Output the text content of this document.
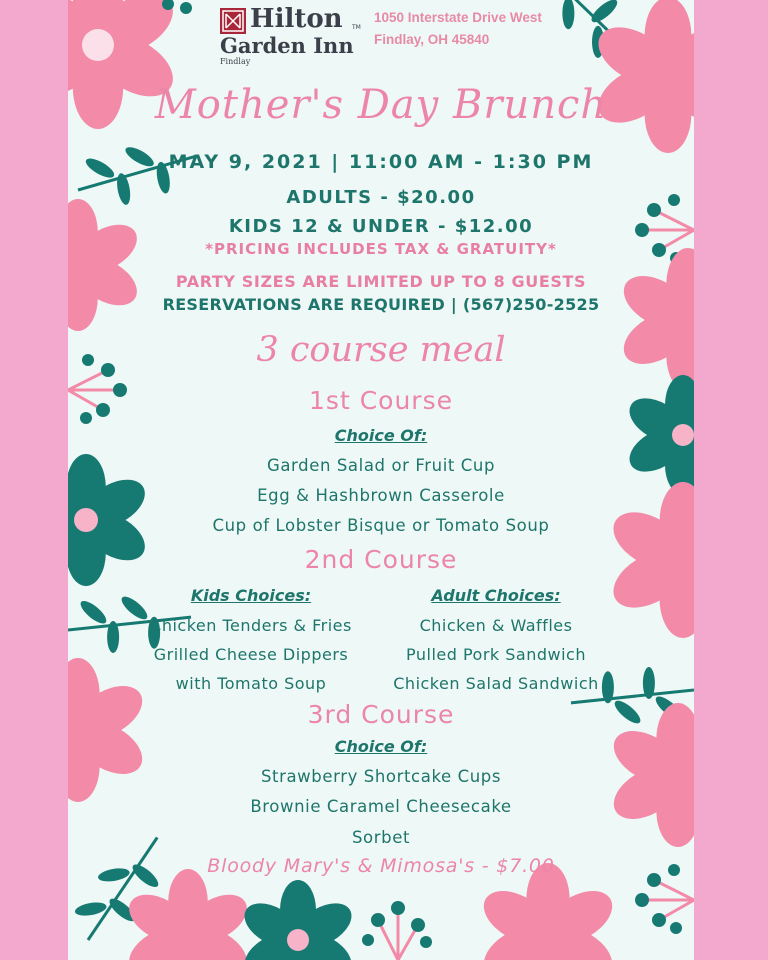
Hilton TM
Garden Inn
Findlay
1050 Interstate Drive West
Findlay, OH 45840
Mother's Day Brunch
MAY 9, 2021 | 11:00 AM - 1:30 PM
ADULTS - $20.00
KIDS 12 & UNDER - $12.00
*PRICING INCLUDES TAX & GRATUITY*
PARTY SIZES ARE LIMITED UP TO 8 GUESTS
RESERVATIONS ARE REQUIRED | (567)250-2525
3 course meal
1st Course
Choice Of:
Garden Salad or Fruit Cup
Egg & Hashbrown Casserole
Cup of Lobster Bisque or Tomato Soup
2nd Course
Kids Choices:
Chicken Tenders & Fries
Grilled Cheese Dippers
with Tomato Soup
Adult Choices:
Chicken & Waffles
Pulled Pork Sandwich
Chicken Salad Sandwich
3rd Course
Choice Of:
Strawberry Shortcake Cups
Brownie Caramel Cheesecake
Sorbet
Bloody Mary's & Mimosa's - $7.00
